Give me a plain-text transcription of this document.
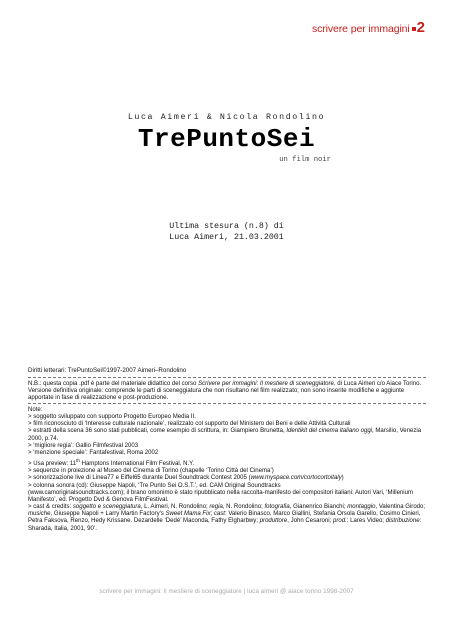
scrivere per immagini 2
Luca Aimeri & Nicola Rondolino
TrePuntoSei
un film noir
Ultima stesura (n.8) di
Luca Aimeri, 21.03.2001
Diritti letterari: TrePuntoSei©1997-2007 Aimeri–Rondolino

N.B.: questa copia .pdf è parte del materiale didattico del corso Scrivere per immagini: Il mestiere di sceneggiatore, di Luca Aimeri c/o Aiace Torino. Versione definitiva originale: comprende le parti di sceneggiatura che non risultano nel film realizzato; non sono inserite modifiche e aggiunte apportate in fase di realizzazione e post-produzione.

Note:

> soggetto sviluppato con supporto Progetto Europeo Media II.

> film riconosciuto di ‘Interesse culturale nazionale’, realizzato col supporto del Ministero dei Beni e delle Attività Culturali

> estratti della scena 36 sono stati pubblicati, come esempio di scrittura, in: Giampiero Brunetta, Identikit del cinema italiano oggi, Marsilio, Venezia 2000, p.74.

> ‘migliore regia’: Gallio Filmfestival 2003

> ‘menzione speciale’: Fantafestival, Roma 2002

> Usa preview: 11th Hamptons International Film Festival, N.Y.

> sequenze in proiezione al Museo del Cinema di Torino (chapelle ‘Torino Città del Cinema’)

> sonorizzazione live di Linea77 e Eiffel65 durante Duel Soundtrack Contest 2005 (www.myspace.com/cortocortoitaly)

> colonna sonora (cd): Giuseppe Napoli, ‘Tre Punto Sei O.S.T.’, ed. CAM Original Soundtracks

(www.camoriginalsoundtracks.com); il brano omonimo è stato ripubblicato nella raccolta-manifesto dei compositori italiani: Autori Vari, ‘Millenium Manifesto’, ed. Progetto Dvd & Genova FilmFestival.

> cast & credits: soggetto e sceneggiatura, L. Aimeri, N. Rondolino; regia, N. Rondolino; fotografia, Gianenrico Bianchi; montaggio, Valentina Girodo; musiche, Giuseppe Napoli + Larry Martin Factory's Sweet Mama Fix; cast: Valerio Binasco, Marco Giallini, Stefania Orsola Garello, Cosimo Cinieri, Petra Faksova, Renzo, Hedy Krissane. Dezardelle ‘Dedé’ Maconda, Fathy Elgharbwy; produttore, John Cesaroni; prod.: Lares Video; distribuzione: Sharada, Italia, 2001, 90’.

scrivere per immagini: il mestiere di sceneggiatore | luca aimeri @ aiace torino 1998-2007
